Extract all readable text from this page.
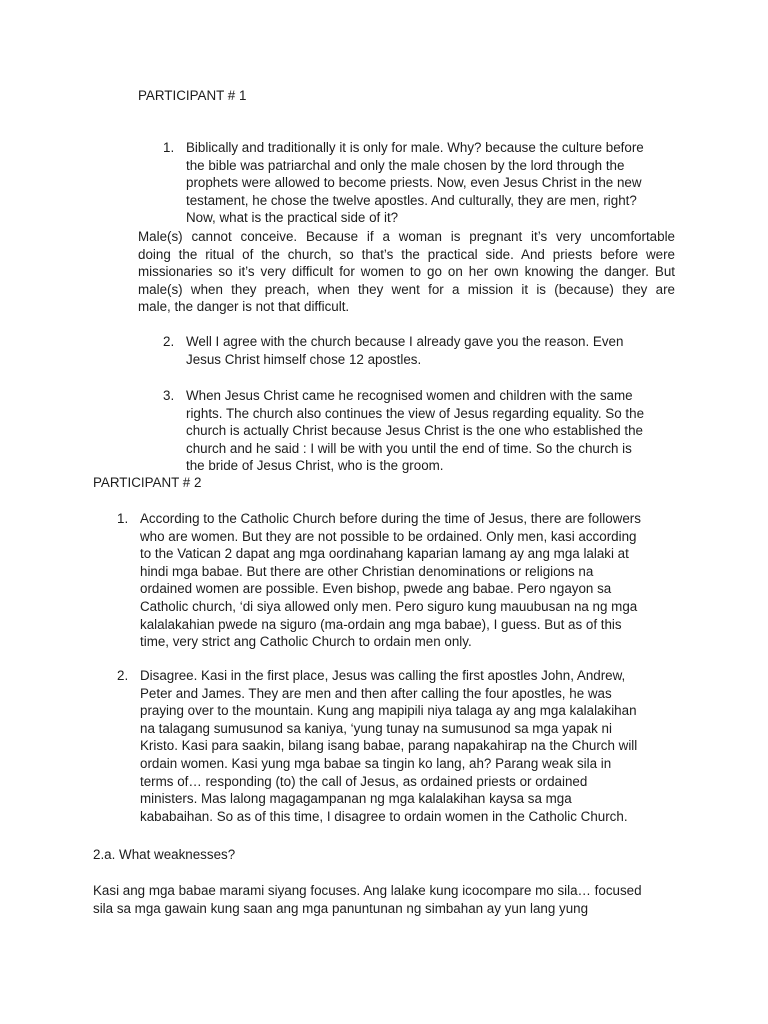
PARTICIPANT # 1
1. Biblically and traditionally it is only for male. Why? because the culture before
the bible was patriarchal and only the male chosen by the lord through the
prophets were allowed to become priests. Now, even Jesus Christ in the new
testament, he chose the twelve apostles. And culturally, they are men, right?
Now, what is the practical side of it?
Male(s) cannot conceive. Because if a woman is pregnant it’s very uncomfortable
doing the ritual of the church, so that’s the practical side. And priests before were
missionaries so it’s very difficult for women to go on her own knowing the danger. But
male(s) when they preach, when they went for a mission it is (because) they are
male, the danger is not that difficult.
2. Well I agree with the church because I already gave you the reason. Even
Jesus Christ himself chose 12 apostles.
3. When Jesus Christ came he recognised women and children with the same
rights. The church also continues the view of Jesus regarding equality. So the
church is actually Christ because Jesus Christ is the one who established the
church and he said : I will be with you until the end of time. So the church is
the bride of Jesus Christ, who is the groom.
PARTICIPANT # 2
1. According to the Catholic Church before during the time of Jesus, there are followers
who are women. But they are not possible to be ordained. Only men, kasi according
to the Vatican 2 dapat ang mga oordinahang kaparian lamang ay ang mga lalaki at
hindi mga babae. But there are other Christian denominations or religions na
ordained women are possible. Even bishop, pwede ang babae. Pero ngayon sa
Catholic church, ‘di siya allowed only men. Pero siguro kung mauubusan na ng mga
kalalakahian pwede na siguro (ma-ordain ang mga babae), I guess. But as of this
time, very strict ang Catholic Church to ordain men only.
2. Disagree. Kasi in the first place, Jesus was calling the first apostles John, Andrew,
Peter and James. They are men and then after calling the four apostles, he was
praying over to the mountain. Kung ang mapipili niya talaga ay ang mga kalalakihan
na talagang sumusunod sa kaniya, ‘yung tunay na sumusunod sa mga yapak ni
Kristo. Kasi para saakin, bilang isang babae, parang napakahirap na the Church will
ordain women. Kasi yung mga babae sa tingin ko lang, ah? Parang weak sila in
terms of… responding (to) the call of Jesus, as ordained priests or ordained
ministers. Mas lalong magagampanan ng mga kalalakihan kaysa sa mga
kababaihan. So as of this time, I disagree to ordain women in the Catholic Church.
2.a. What weaknesses?
Kasi ang mga babae marami siyang focuses. Ang lalake kung icocompare mo sila… focused
sila sa mga gawain kung saan ang mga panuntunan ng simbahan ay yun lang yung
